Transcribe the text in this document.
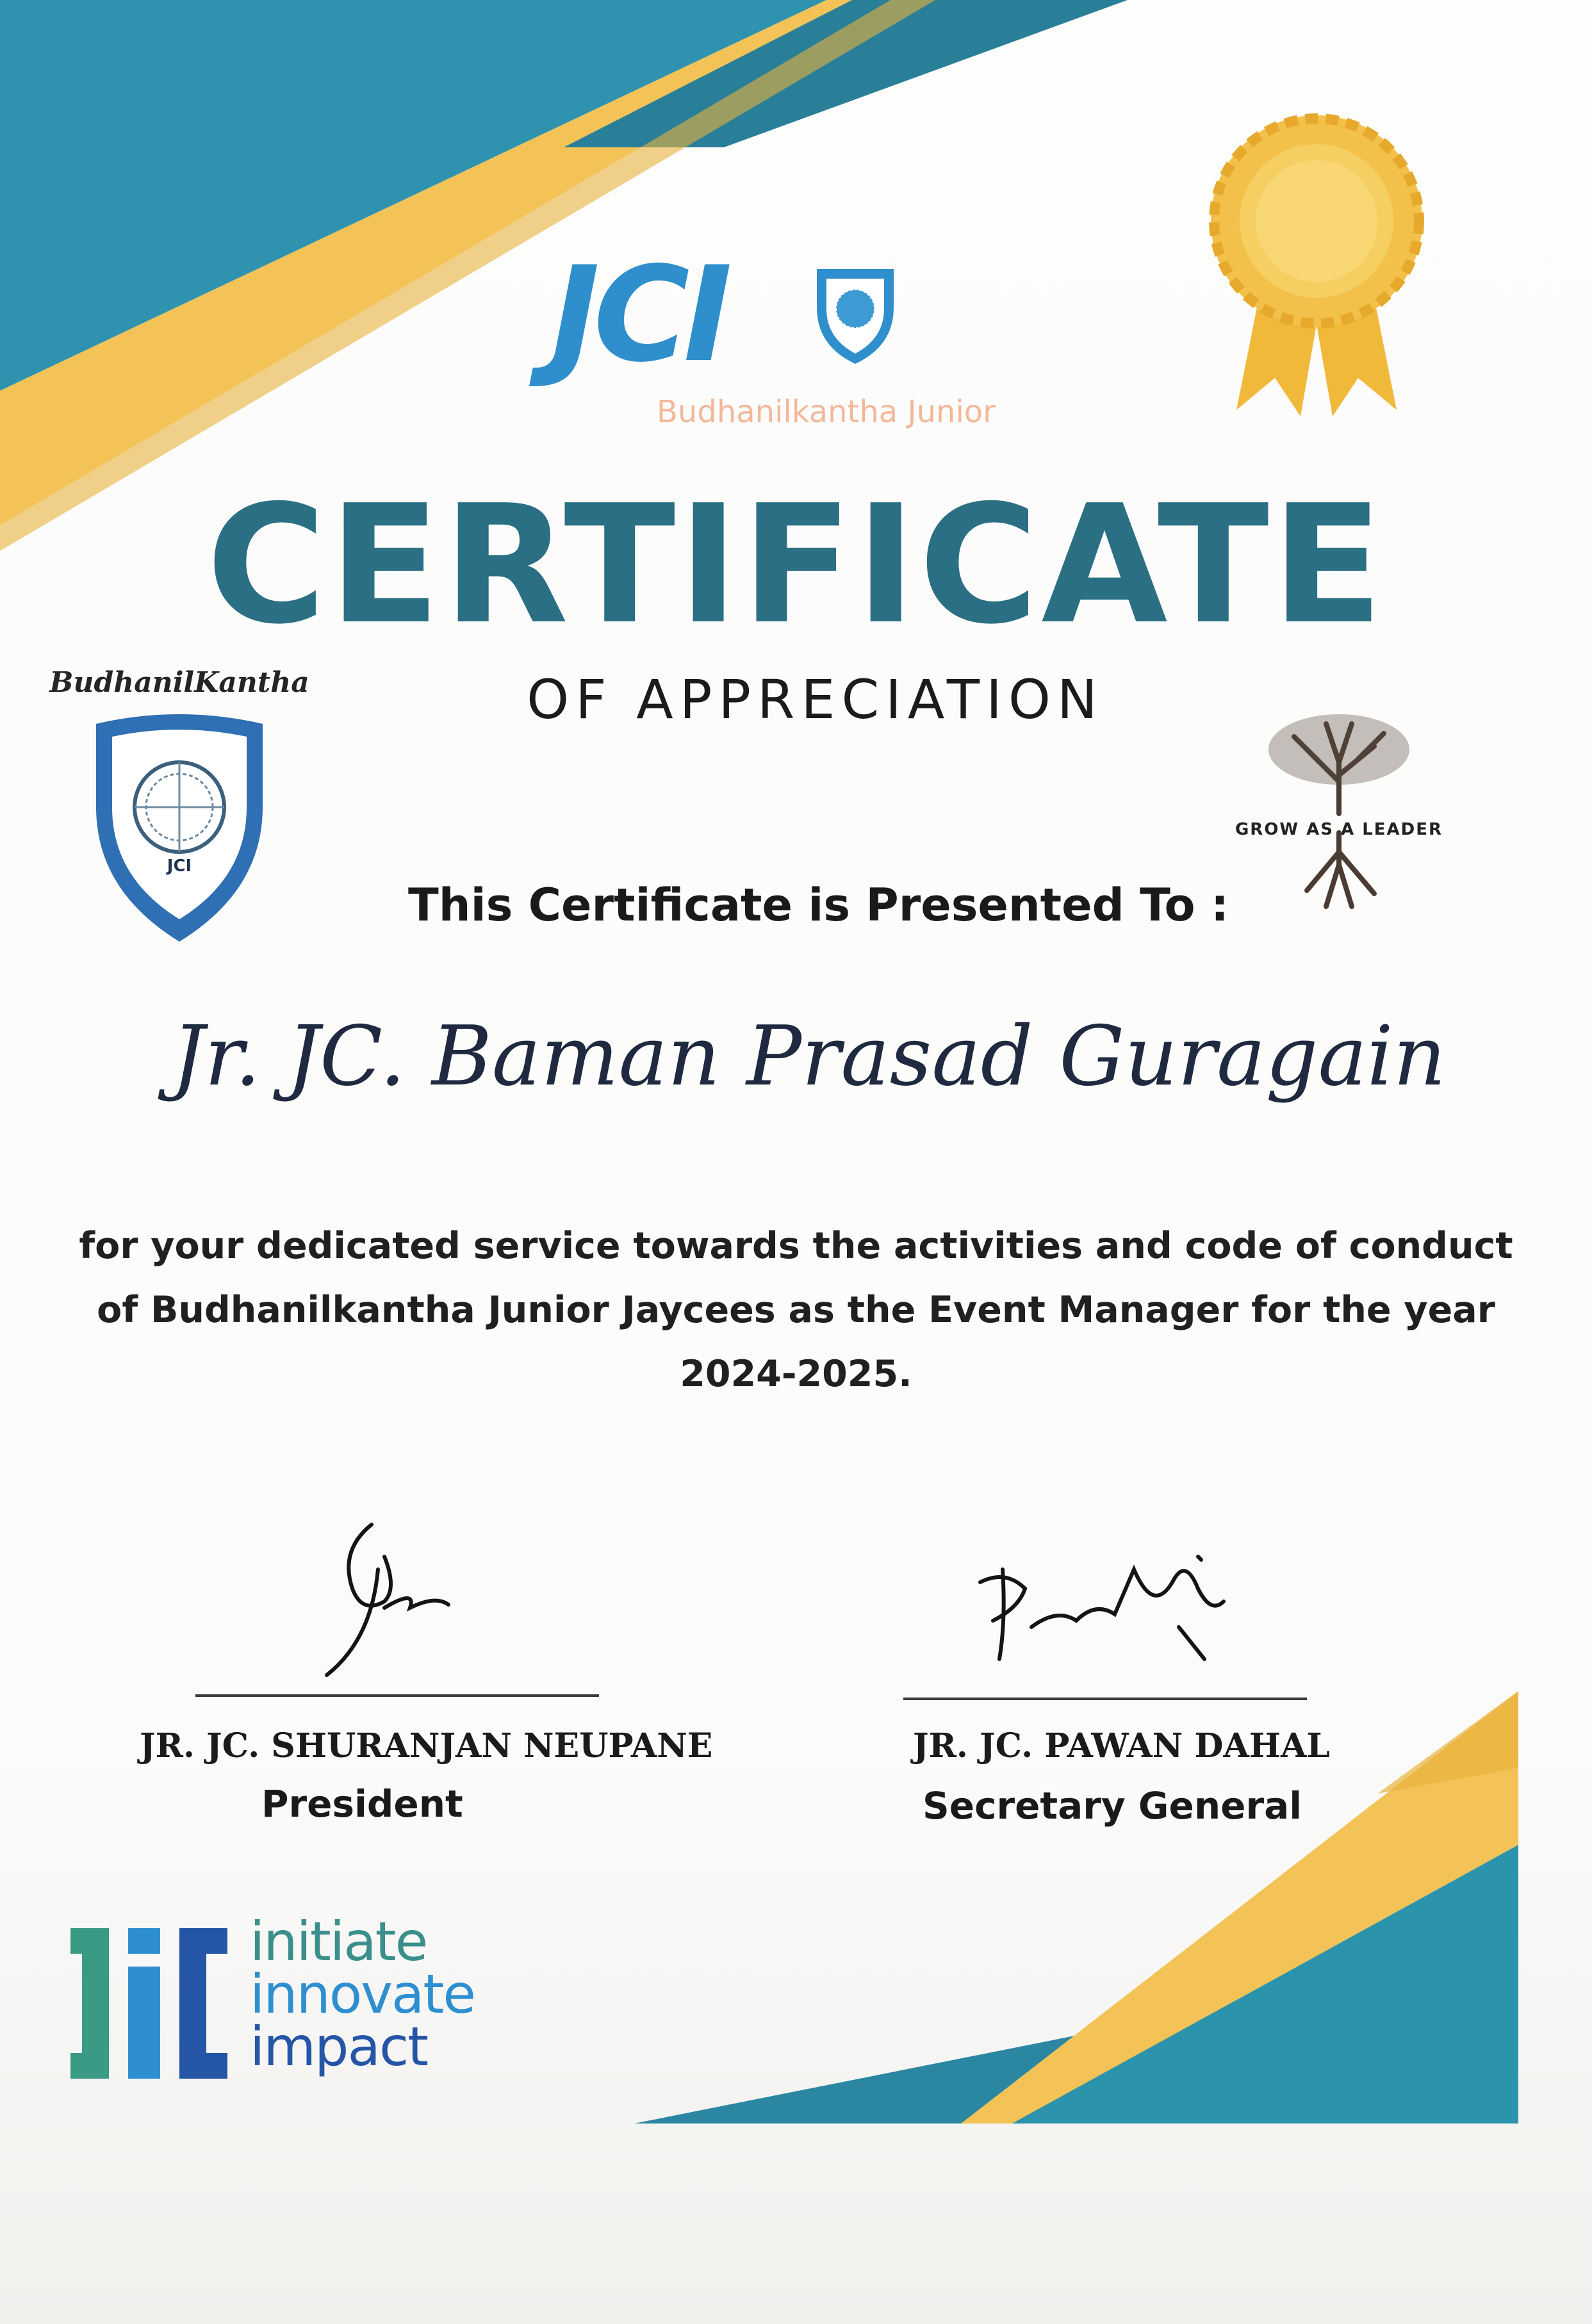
JCI
Budhanilkantha Junior
CERTIFICATE
OF APPRECIATION
BudhanilKantha
JCI
GROW AS A LEADER
This Certificate is Presented To :
Jr. JC. Baman Prasad Guragain
for your dedicated service towards the activities and code of conduct
of Budhanilkantha Junior Jaycees as the Event Manager for the year
2024-2025.
JR. JC. SHURANJAN NEUPANE
President
JR. JC. PAWAN DAHAL
Secretary General
initiate
innovate
impact
